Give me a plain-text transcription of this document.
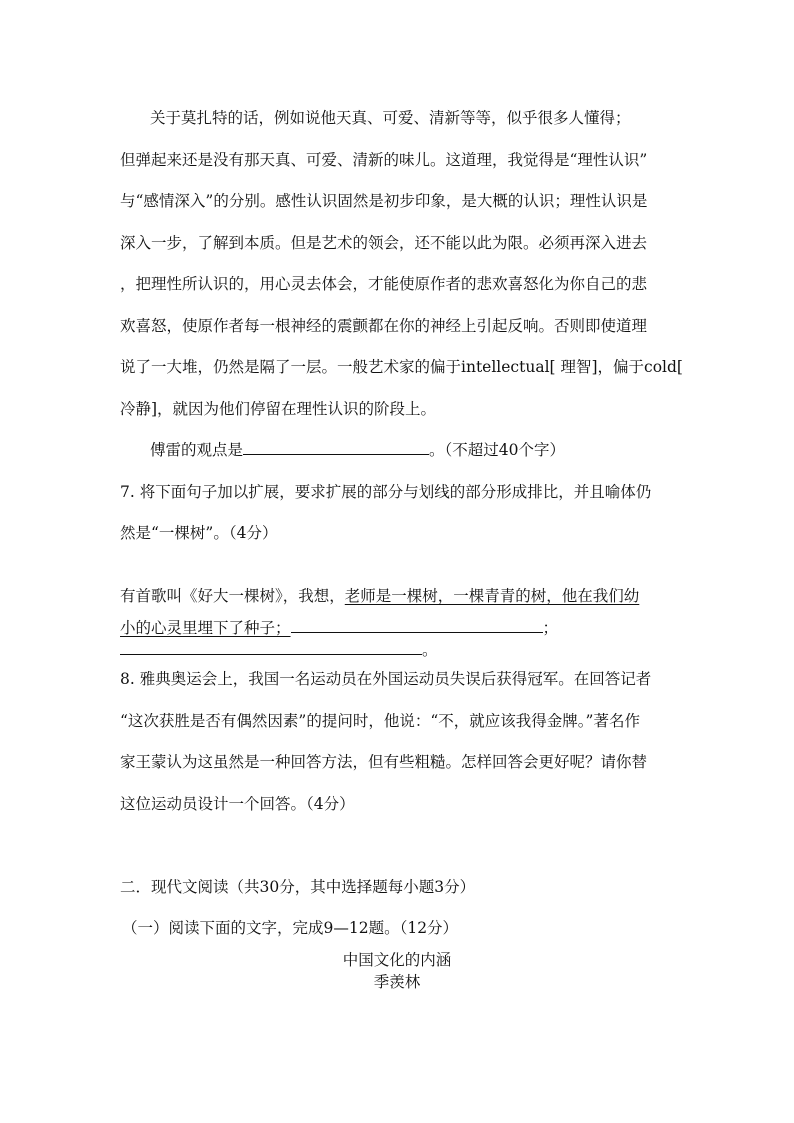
关于莫扎特的话，例如说他天真、可爱、清新等等，似乎很多人懂得；
但弹起来还是没有那天真、可爱、清新的味儿。这道理，我觉得是“理性认识”
与“感情深入”的分别。感性认识固然是初步印象，是大概的认识；理性认识是
深入一步，了解到本质。但是艺术的领会，还不能以此为限。必须再深入进去
，把理性所认识的，用心灵去体会，才能使原作者的悲欢喜怒化为你自己的悲
欢喜怒，使原作者每一根神经的震颤都在你的神经上引起反响。否则即使道理
说了一大堆，仍然是隔了一层。一般艺术家的偏于intellectual[ 理智]，偏于cold[
冷静]，就因为他们停留在理性认识的阶段上。
傅雷的观点是	。（不超过40个字）
7. 将下面句子加以扩展，要求扩展的部分与划线的部分形成排比，并且喻体仍
然是“一棵树”。（4分）
有首歌叫《好大一棵树》，我想，老师是一棵树，一棵青青的树，他在我们幼
小的心灵里埋下了种子；	；
。
8. 雅典奥运会上，我国一名运动员在外国运动员失误后获得冠军。在回答记者
“这次获胜是否有偶然因素”的提问时，他说：“不，就应该我得金牌。”著名作
家王蒙认为这虽然是一种回答方法，但有些粗糙。怎样回答会更好呢？请你替
这位运动员设计一个回答。（4分）
二．现代文阅读（共30分，其中选择题每小题3分）
（一）阅读下面的文字，完成9—12题。（12分）
中国文化的内涵
季羡林
